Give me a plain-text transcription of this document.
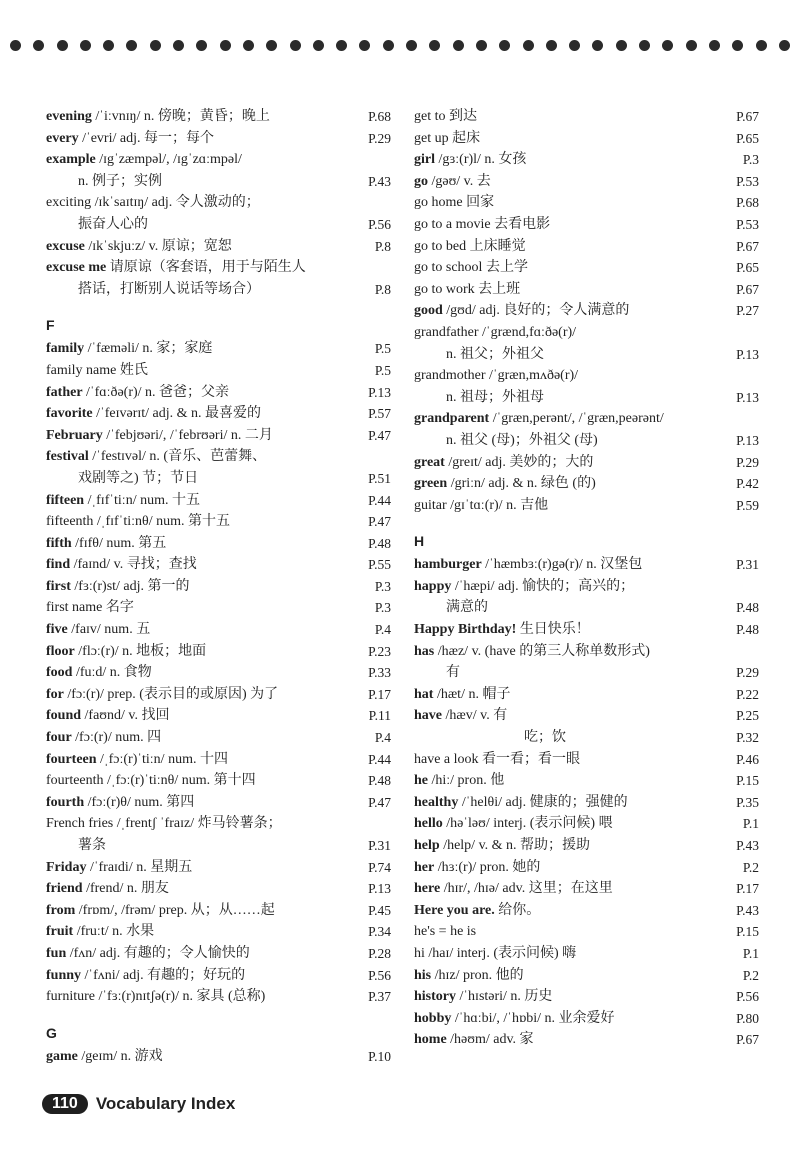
evening /ˈiːvnɪŋ/ n. 傍晚；黄昏；晚上	P.68
every /ˈevri/ adj. 每一；每个	P.29
example /ɪgˈzæmpəl/, /ɪgˈzɑːmpəl/
n. 例子；实例	P.43
exciting /ɪkˈsaɪtɪŋ/ adj. 令人激动的；
振奋人心的	P.56
excuse /ɪkˈskjuːz/ v. 原谅；宽恕	P.8
excuse me 请原谅（客套语，用于与陌生人
搭话，打断别人说话等场合）	P.8
F
family /ˈfæməli/ n. 家；家庭	P.5
family name 姓氏	P.5
father /ˈfɑːðə(r)/ n. 爸爸；父亲	P.13
favorite /ˈfeɪvərɪt/ adj. & n. 最喜爱的	P.57
February /ˈfebjʊəri/, /ˈfebrʊəri/ n. 二月	P.47
festival /ˈfestɪvəl/ n. (音乐、芭蕾舞、
戏剧等之) 节；节日	P.51
fifteen /ˌfɪfˈtiːn/ num. 十五	P.44
fifteenth /ˌfɪfˈtiːnθ/ num. 第十五	P.47
fifth /fɪfθ/ num. 第五	P.48
find /faɪnd/ v. 寻找；查找	P.55
first /fɜː(r)st/ adj. 第一的	P.3
first name 名字	P.3
five /faɪv/ num. 五	P.4
floor /flɔː(r)/ n. 地板；地面	P.23
food /fuːd/ n. 食物	P.33
for /fɔː(r)/ prep. (表示目的或原因) 为了	P.17
found /faʊnd/ v. 找回	P.11
four /fɔː(r)/ num. 四	P.4
fourteen /ˌfɔː(r)ˈtiːn/ num. 十四	P.44
fourteenth /ˌfɔː(r)ˈtiːnθ/ num. 第十四	P.48
fourth /fɔː(r)θ/ num. 第四	P.47
French fries /ˌfrentʃ ˈfraɪz/ 炸马铃薯条；
薯条	P.31
Friday /ˈfraɪdi/ n. 星期五	P.74
friend /frend/ n. 朋友	P.13
from /frɒm/, /frəm/ prep. 从；从……起	P.45
fruit /fruːt/ n. 水果	P.34
fun /fʌn/ adj. 有趣的；令人愉快的	P.28
funny /ˈfʌni/ adj. 有趣的；好玩的	P.56
furniture /ˈfɜː(r)nɪtʃə(r)/ n. 家具 (总称)	P.37
G
game /geɪm/ n. 游戏	P.10
get to 到达	P.67
get up 起床	P.65
girl /gɜː(r)l/ n. 女孩	P.3
go /gəʊ/ v. 去	P.53
go home 回家	P.68
go to a movie 去看电影	P.53
go to bed 上床睡觉	P.67
go to school 去上学	P.65
go to work 去上班	P.67
good /gʊd/ adj. 良好的；令人满意的	P.27
grandfather /ˈgrænd,fɑːðə(r)/
n. 祖父；外祖父	P.13
grandmother /ˈgræn,mʌðə(r)/
n. 祖母；外祖母	P.13
grandparent /ˈgræn,perənt/, /ˈgræn,peərənt/
n. 祖父 (母)；外祖父 (母)	P.13
great /greɪt/ adj. 美妙的；大的	P.29
green /griːn/ adj. & n. 绿色 (的)	P.42
guitar /gɪˈtɑː(r)/ n. 吉他	P.59
H
hamburger /ˈhæmbɜː(r)gə(r)/ n. 汉堡包	P.31
happy /ˈhæpi/ adj. 愉快的；高兴的；
满意的	P.48
Happy Birthday! 生日快乐！	P.48
has /hæz/ v. (have 的第三人称单数形式)
有	P.29
hat /hæt/ n. 帽子	P.22
have /hæv/ v. 有	P.25
吃；饮	P.32
have a look 看一看；看一眼	P.46
he /hiː/ pron. 他	P.15
healthy /ˈhelθi/ adj. 健康的；强健的	P.35
hello /həˈləʊ/ interj. (表示问候) 喂	P.1
help /help/ v. & n. 帮助；援助	P.43
her /hɜː(r)/ pron. 她的	P.2
here /hɪr/, /hɪə/ adv. 这里；在这里	P.17
Here you are. 给你。	P.43
he's = he is	P.15
hi /haɪ/ interj. (表示问候) 嗨	P.1
his /hɪz/ pron. 他的	P.2
history /ˈhɪstəri/ n. 历史	P.56
hobby /ˈhɑːbi/, /ˈhɒbi/ n. 业余爱好	P.80
home /həʊm/ adv. 家	P.67
110	Vocabulary Index
